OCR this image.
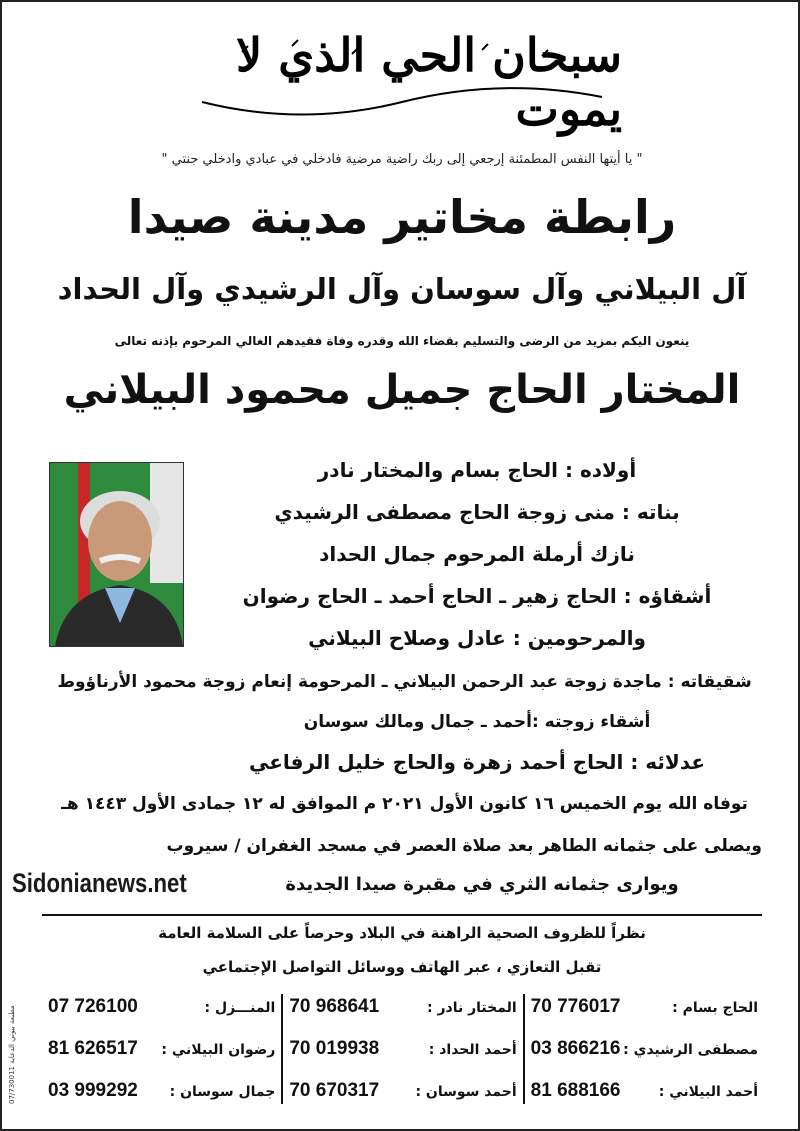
سبحان الحي الذي لا يموت
" يا أيتها النفس المطمئنة إرجعي إلى ربك راضية مرضية فادخلي في عبادي وادخلي جنتي "
رابطة مخاتير مدينة صيدا
آل البيلاني وآل سوسان وآل الرشيدي وآل الحداد
ينعون اليكم بمزيد من الرضى والتسليم بقضاء الله وقدره وفاة فقيدهم الغالي المرحوم بإذنه تعالى
المختار الحاج جميل محمود البيلاني
أولاده : الحاج بسام والمختار نادر
بناته : منى زوجة الحاج مصطفى الرشيدي
نازك أرملة المرحوم جمال الحداد
أشقاؤه : الحاج زهير ـ الحاج أحمد ـ الحاج رضوان
والمرحومين : عادل وصلاح البيلاني
شقيقاته : ماجدة زوجة عبد الرحمن البيلاني ـ المرحومة إنعام زوجة محمود الأرناؤوط
أشقاء زوجته :أحمد ـ جمال ومالك سوسان
عدلائه : الحاج أحمد زهرة والحاج خليل الرفاعي
توفاه الله يوم الخميس ١٦ كانون الأول ٢٠٢١ م الموافق له ١٢ جمادى الأول ١٤٤٣ هـ
ويصلى على جثمانه الطاهر بعد صلاة العصر في مسجد الغفران / سيروب
ويوارى جثمانه الثري في مقبرة صيدا الجديدة
Sidonianews.net
نظراً للظروف الصحية الراهنة في البلاد وحرصاً على السلامة العامة
تقبل التعازي ، عبر الهاتف ووسائل التواصل الإجتماعي
الحاج بسام :
70 776017
مصطفى الرشيدي :
03 866216
أحمد البيلاني :
81 688166
المختار نادر :
70 968641
أحمد الحداد :
70 019938
أحمد سوسان :
70 670317
المنـــزل :
07 726100
رضوان البيلاني :
81 626517
جمال سوسان :
03 999292
مطبعة بيوتي الدعاية 07/730011
